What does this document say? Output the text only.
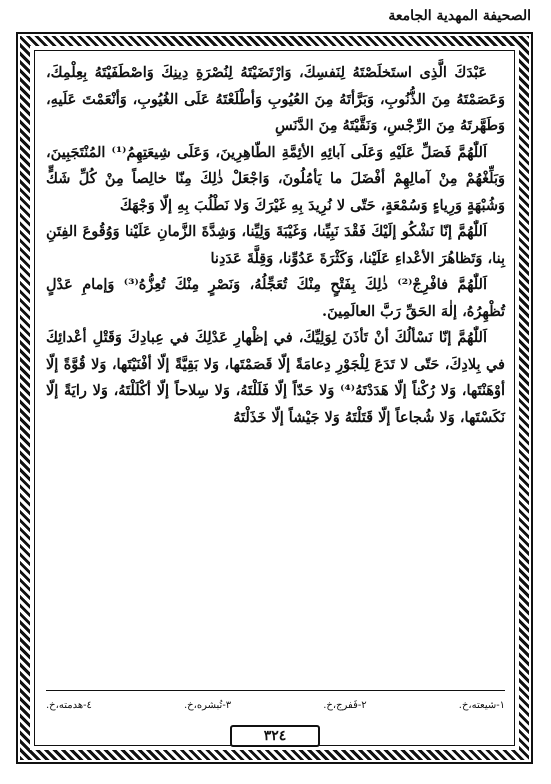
الصحيفة المهدية الجامعة

عَبْدَكَ الَّذِى استَخلَصْتَهُ لِنَفسِكَ، وَارْتَضَيْتَهُ لِنُصْرَةِ دِينِكَ وَاصْطَفَيْتَهُ بِعِلْمِكَ، وَعَصَمْتَهُ مِنَ الذُّنُوبِ، وَبَرَّأتَهُ مِنَ العُيُوبِ وَأطْلَعْتَهُ عَلَى الغُيُوبِ، وَأنْعَمْتَ عَلَيهِ، وَطَهَّرتَهُ مِنَ الرِّجْسِ، وَنَقَّيْتَهُ مِنَ الدَّنَسِ

اَللّٰهُمَّ فَصَلِّ عَلَيْهِ وَعَلَى آبائِهِ الأئِمَّةِ الطّاهِرِينَ، وَعَلَى شِيعَتِهِمُ⁽¹⁾ المُنْتَجَبِينَ، وَبَلِّغْهُمْ مِنْ آمالِهِمْ أفْضَلَ ما يَأمُلُونَ، وَاجْعَلْ ذٰلِكَ مِنّا خالِصاً مِنْ كُلِّ شَكٍّ وَشُبْهَةٍ وَرِياءٍ وَسُمْعَةٍ، حَتّى لا نُرِيدَ بِهِ غَيْرَكَ وَلا نَطْلُبَ بِهِ إلّا وَجْهَكَ

اَللّٰهُمَّ إنّا نَشْكُو إلَيْكَ فَقْدَ نَبِيِّنا، وَغَيْبَةَ وَلِيِّنا، وَشِدَّةَ الزَّمانِ عَلَيْنا وَوُقُوعَ الفِتَنِ بِنا، وَتَظاهُرَ الأعْداءِ عَلَيْنا، وَكَثْرَةَ عَدُوِّنا، وَقِلَّةَ عَدَدِنا

اَللّٰهُمَّ فافْرِجْ⁽²⁾ ذٰلِكَ بِفَتْحٍ مِنْكَ تُعَجِّلُهُ، وَنَصْرٍ مِنْكَ تُعِزُّهُ⁽³⁾ وَإمامِ عَدْلٍ تُظْهِرُهُ، إلٰهَ الحَقِّ رَبَّ العالَمِينَ.

اَللّٰهُمَّ إنّا نَسْألُكَ أنْ تَأذَنَ لِوَلِيِّكَ، في إظْهارِ عَدْلِكَ في عِبادِكَ وَقَتْلِ أعْدائِكَ في بِلادِكَ، حَتّى لا تَدَعَ لِلْجَوْرِ دِعامَةً إلّا قَصَمْتَها، وَلا بَقِيَّةً إلّا أفْنَيْتَها، وَلا قُوَّةً إلّا أوْهَنْتَها، وَلا رُكْناً إلّا هَدَدْتَهُ⁽⁴⁾ وَلا حَدّاً إلّا فَلَلْتَهُ، وَلا سِلاحاً إلّا أكْلَلْتَهُ، وَلا رايَةً إلّا نَكَسْتَها، وَلا شُجاعاً إلّا قَتَلْتَهُ وَلا جَيْشاً إلّا خَذَلْتَهُ

١-شيعته،خ.
٢-فَفرج،خ.
٣-تُبشره،خ.
٤-هدمته،خ.
٣٢٤
